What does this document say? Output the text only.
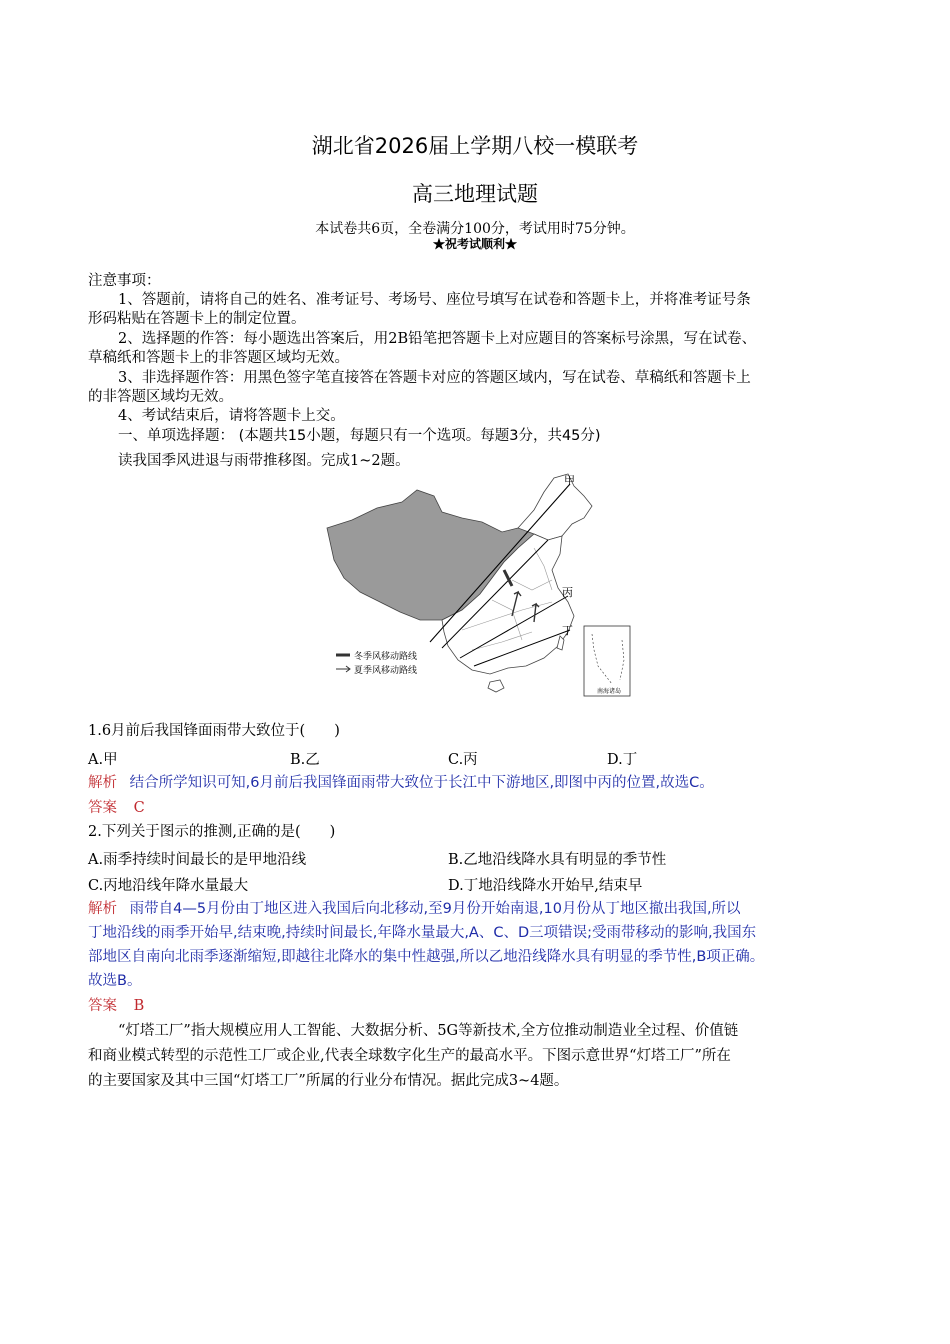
湖北省2026届上学期八校一模联考
高三地理试题
本试卷共6页，全卷满分100分，考试用时75分钟。
★祝考试顺利★
注意事项：
1、答题前，请将自己的姓名、准考证号、考场号、座位号填写在试卷和答题卡上，并将准考证号条
形码粘贴在答题卡上的制定位置。
2、选择题的作答：每小题选出答案后，用2B铅笔把答题卡上对应题目的答案标号涂黑，写在试卷、
草稿纸和答题卡上的非答题区域均无效。
3、非选择题作答：用黑色签字笔直接答在答题卡对应的答题区域内，写在试卷、草稿纸和答题卡上
的非答题区域均无效。
4、考试结束后，请将答题卡上交。
一、单项选择题： (本题共15小题，每题只有一个选项。每题3分，共45分)
读我国季风进退与雨带推移图。完成1~2题。
甲
丙
丁
冬季风移动路线
夏季风移动路线
南海诸岛
1.6月前后我国锋面雨带大致位于(　　)
A.甲	B.乙	C.丙	D.丁
解析 结合所学知识可知,6月前后我国锋面雨带大致位于长江中下游地区,即图中丙的位置,故选C。
答案 C
2.下列关于图示的推测,正确的是(　　)
A.雨季持续时间最长的是甲地沿线	B.乙地沿线降水具有明显的季节性
C.丙地沿线年降水量最大	D.丁地沿线降水开始早,结束早
解析 雨带自4—5月份由丁地区进入我国后向北移动,至9月份开始南退,10月份从丁地区撤出我国,所以
丁地沿线的雨季开始早,结束晚,持续时间最长,年降水量最大,A、C、D三项错误;受雨带移动的影响,我国东
部地区自南向北雨季逐渐缩短,即越往北降水的集中性越强,所以乙地沿线降水具有明显的季节性,B项正确。
故选B。
答案 B
“灯塔工厂”指大规模应用人工智能、大数据分析、5G等新技术,全方位推动制造业全过程、价值链
和商业模式转型的示范性工厂或企业,代表全球数字化生产的最高水平。下图示意世界“灯塔工厂”所在
的主要国家及其中三国“灯塔工厂”所属的行业分布情况。据此完成3~4题。
